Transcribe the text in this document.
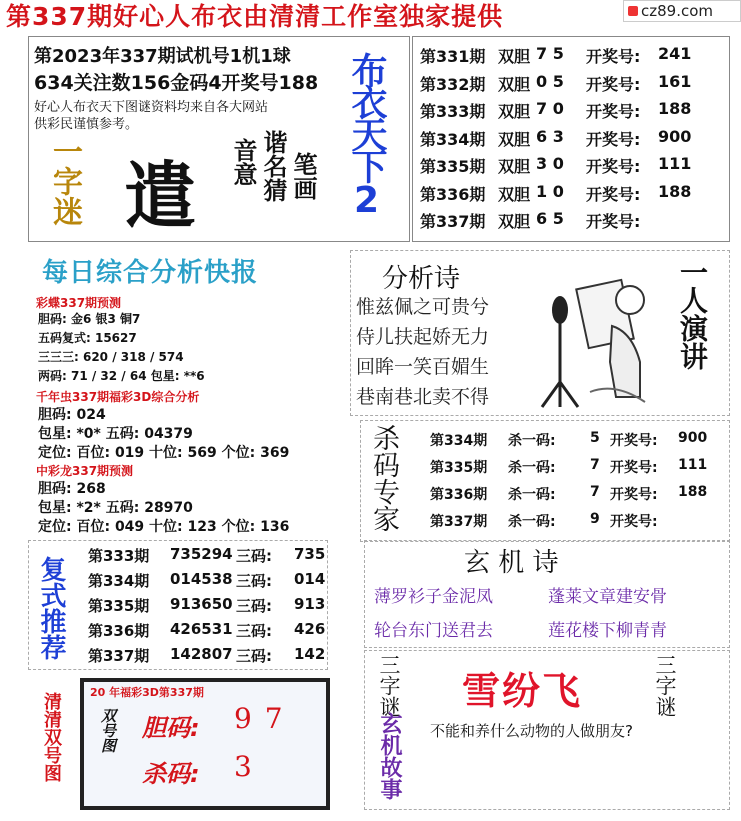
第337期好心人布衣由清清工作室独家提供	cz89.com
第2023年337期试机号1机1球
634关注数156金码4开奖号188
好心人布衣天下图谜资料均来自各大网站
供彩民谨慎参考。	布衣天下2
一字迷 遣 音意 谐名猜 笔画
第331期 双胆 7 5	开奖号:	241
第332期 双胆 0 5	开奖号:	161
第333期 双胆 7 0	开奖号:	188
第334期 双胆 6 3	开奖号:	900
第335期 双胆 3 0	开奖号:	111
第336期 双胆 1 0	开奖号:	188
第337期 双胆 6 5	开奖号:
每日综合分析快报
彩蝶337期预测
胆码: 金6 银3 铜7
五码复式: 15627
三三三: 620 / 318 / 574
两码: 71 / 32 / 64 包星: **6
千年虫337期福彩3D综合分析
胆码: 024
包星: *0* 五码: 04379
定位: 百位: 019 十位: 569 个位: 369
中彩龙337期预测
胆码: 268
包星: *2* 五码: 28970
定位: 百位: 049 十位: 123 个位: 136
分析诗
惟兹佩之可贵兮
侍儿扶起娇无力
回眸一笑百媚生
巷南巷北卖不得
一人演讲
杀码专家 第334期	杀一码:	5 开奖号:	900
第335期	杀一码:	7 开奖号:	111
第336期	杀一码:	7 开奖号:	188
第337期	杀一码:	9 开奖号:
复式推荐 第333期	735294 三码:	735
第334期	014538 三码:	014
第335期	913650 三码:	913
第336期	426531 三码:	426
第337期	142807 三码:	142
玄 机 诗
薄罗衫子金泥凤	蓬莱文章建安骨
轮台东门送君去	莲花楼下柳青青
清清双号图	20 年福彩3D第337期
双号图 胆码: 9 7
杀码: 3
三字谜
玄机故事
雪纷飞	三字谜
不能和养什么动物的人做朋友?
